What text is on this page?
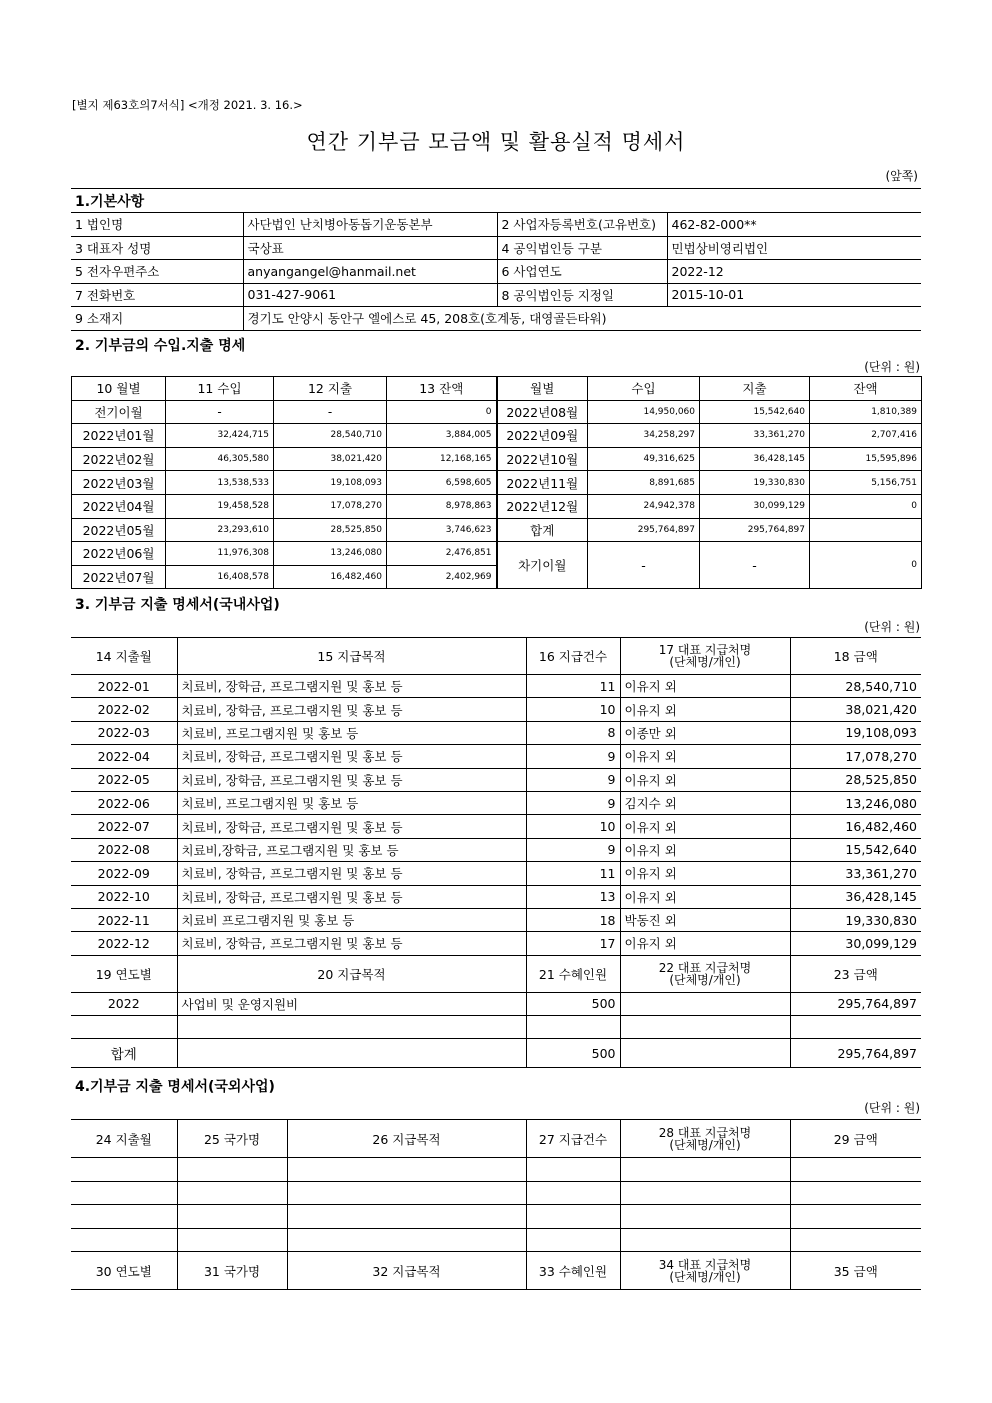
[별지 제63호의7서식] <개정 2021. 3. 16.>
연간 기부금 모금액 및 활용실적 명세서
(앞쪽)
1.기본사항
1 법인명	사단법인 난치병아동돕기운동본부	2 사업자등록번호(고유번호)	462-82-000**
3 대표자 성명	국상표	4 공익법인등 구분	민법상비영리법인
5 전자우편주소	anyangangel@hanmail.net	6 사업연도	2022-12
7 전화번호	031-427-9061	8 공익법인등 지정일	2015-10-01
9 소재지	경기도 안양시 동안구 엘에스로 45, 208호(호계동, 대영골든타워)		
2. 기부금의 수입.지출 명세
(단위 : 원)
10 월별	11 수입	12 지출	13 잔액	월별	수입	지출	잔액
전기이월	-	-	0	2022년08월	14,950,060	15,542,640	1,810,389
2022년01월	32,424,715	28,540,710	3,884,005	2022년09월	34,258,297	33,361,270	2,707,416
2022년02월	46,305,580	38,021,420	12,168,165	2022년10월	49,316,625	36,428,145	15,595,896
2022년03월	13,538,533	19,108,093	6,598,605	2022년11월	8,891,685	19,330,830	5,156,751
2022년04월	19,458,528	17,078,270	8,978,863	2022년12월	24,942,378	30,099,129	0
2022년05월	23,293,610	28,525,850	3,746,623	합계	295,764,897	295,764,897	
2022년06월	11,976,308	13,246,080	2,476,851	차기이월	-	-	0
2022년07월	16,408,578	16,482,460	2,402,969				
3. 기부금 지출 명세서(국내사업)
(단위 : 원)
14 지출월	15 지급목적	16 지급건수	17 대표 지급처명
(단체명/개인)	18 금액
2022-01	치료비, 장학금, 프로그램지원 및 홍보 등	11	이유지 외	28,540,710
2022-02	치료비, 장학금, 프로그램지원 및 홍보 등	10	이유지 외	38,021,420
2022-03	치료비, 프로그램지원 및 홍보 등	8	이종만 외	19,108,093
2022-04	치료비, 장학금, 프로그램지원 및 홍보 등	9	이유지 외	17,078,270
2022-05	치료비, 장학금, 프로그램지원 및 홍보 등	9	이유지 외	28,525,850
2022-06	치료비, 프로그램지원 및 홍보 등	9	김지수 외	13,246,080
2022-07	치료비, 장학금, 프로그램지원 및 홍보 등	10	이유지 외	16,482,460
2022-08	치료비,장학금, 프로그램지원 및 홍보 등	9	이유지 외	15,542,640
2022-09	치료비, 장학금, 프로그램지원 및 홍보 등	11	이유지 외	33,361,270
2022-10	치료비, 장학금, 프로그램지원 및 홍보 등	13	이유지 외	36,428,145
2022-11	치료비 프로그램지원 및 홍보 등	18	박동진 외	19,330,830
2022-12	치료비, 장학금, 프로그램지원 및 홍보 등	17	이유지 외	30,099,129
19 연도별	20 지급목적	21 수혜인원	22 대표 지급처명
(단체명/개인)	23 금액
2022	사업비 및 운영지원비	500		295,764,897

합계		500		295,764,897
4.기부금 지출 명세서(국외사업)
(단위 : 원)
24 지출월	25 국가명	26 지급목적	27 지급건수	28 대표 지급처명
(단체명/개인)	29 금액

30 연도별	31 국가명	32 지급목적	33 수혜인원	34 대표 지급처명
(단체명/개인)	35 금액
